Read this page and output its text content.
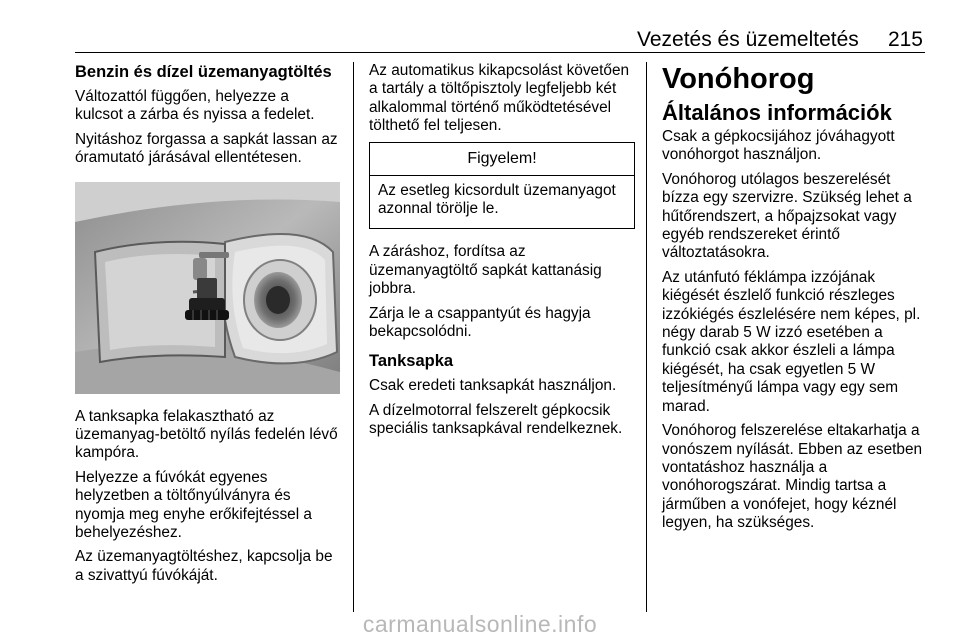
Vezetés és üzemeltetés 215
Benzin és dízel üzemanyagtöltés

Változattól függően, helyezze a kulcsot a zárba és nyissa a fedelet.

Nyitáshoz forgassa a sapkát lassan az óramutató járásával ellentétesen.

A tanksapka felakasztható az üzemanyag-betöltő nyílás fedelén lévő kampóra.

Helyezze a fúvókát egyenes helyzetben a töltőnyúlványra és nyomja meg enyhe erőkifejtéssel a behelyezéshez.

Az üzemanyagtöltéshez, kapcsolja be a szivattyú fúvókáját.

Az automatikus kikapcsolást követően a tartály a töltőpisztoly legfeljebb két alkalommal történő működtetésével tölthető fel teljesen.

Figyelem!
Az esetleg kicsordult üzemanyagot azonnal törölje le.

A záráshoz, fordítsa az üzemanyagtöltő sapkát kattanásig jobbra.

Zárja le a csappantyút és hagyja bekapcsolódni.

Tanksapka

Csak eredeti tanksapkát használjon.

A dízelmotorral felszerelt gépkocsik speciális tanksapkával rendelkeznek.

Vonóhorog
Általános információk

Csak a gépkocsijához jóváhagyott vonóhorgot használjon.

Vonóhorog utólagos beszerelését bízza egy szervizre. Szükség lehet a hűtőrendszert, a hőpajzsokat vagy egyéb rendszereket érintő változtatásokra.

Az utánfutó féklámpa izzójának kiégését észlelő funkció részleges izzókiégés észlelésére nem képes, pl. négy darab 5 W izzó esetében a funkció csak akkor észleli a lámpa kiégését, ha csak egyetlen 5 W teljesítményű lámpa vagy egy sem marad.

Vonóhorog felszerelése eltakarhatja a vonószem nyílását. Ebben az esetben vontatáshoz használja a vonóhorogszárat. Mindig tartsa a járműben a vonófejet, hogy kéznél legyen, ha szükséges.

carmanualsonline.info
